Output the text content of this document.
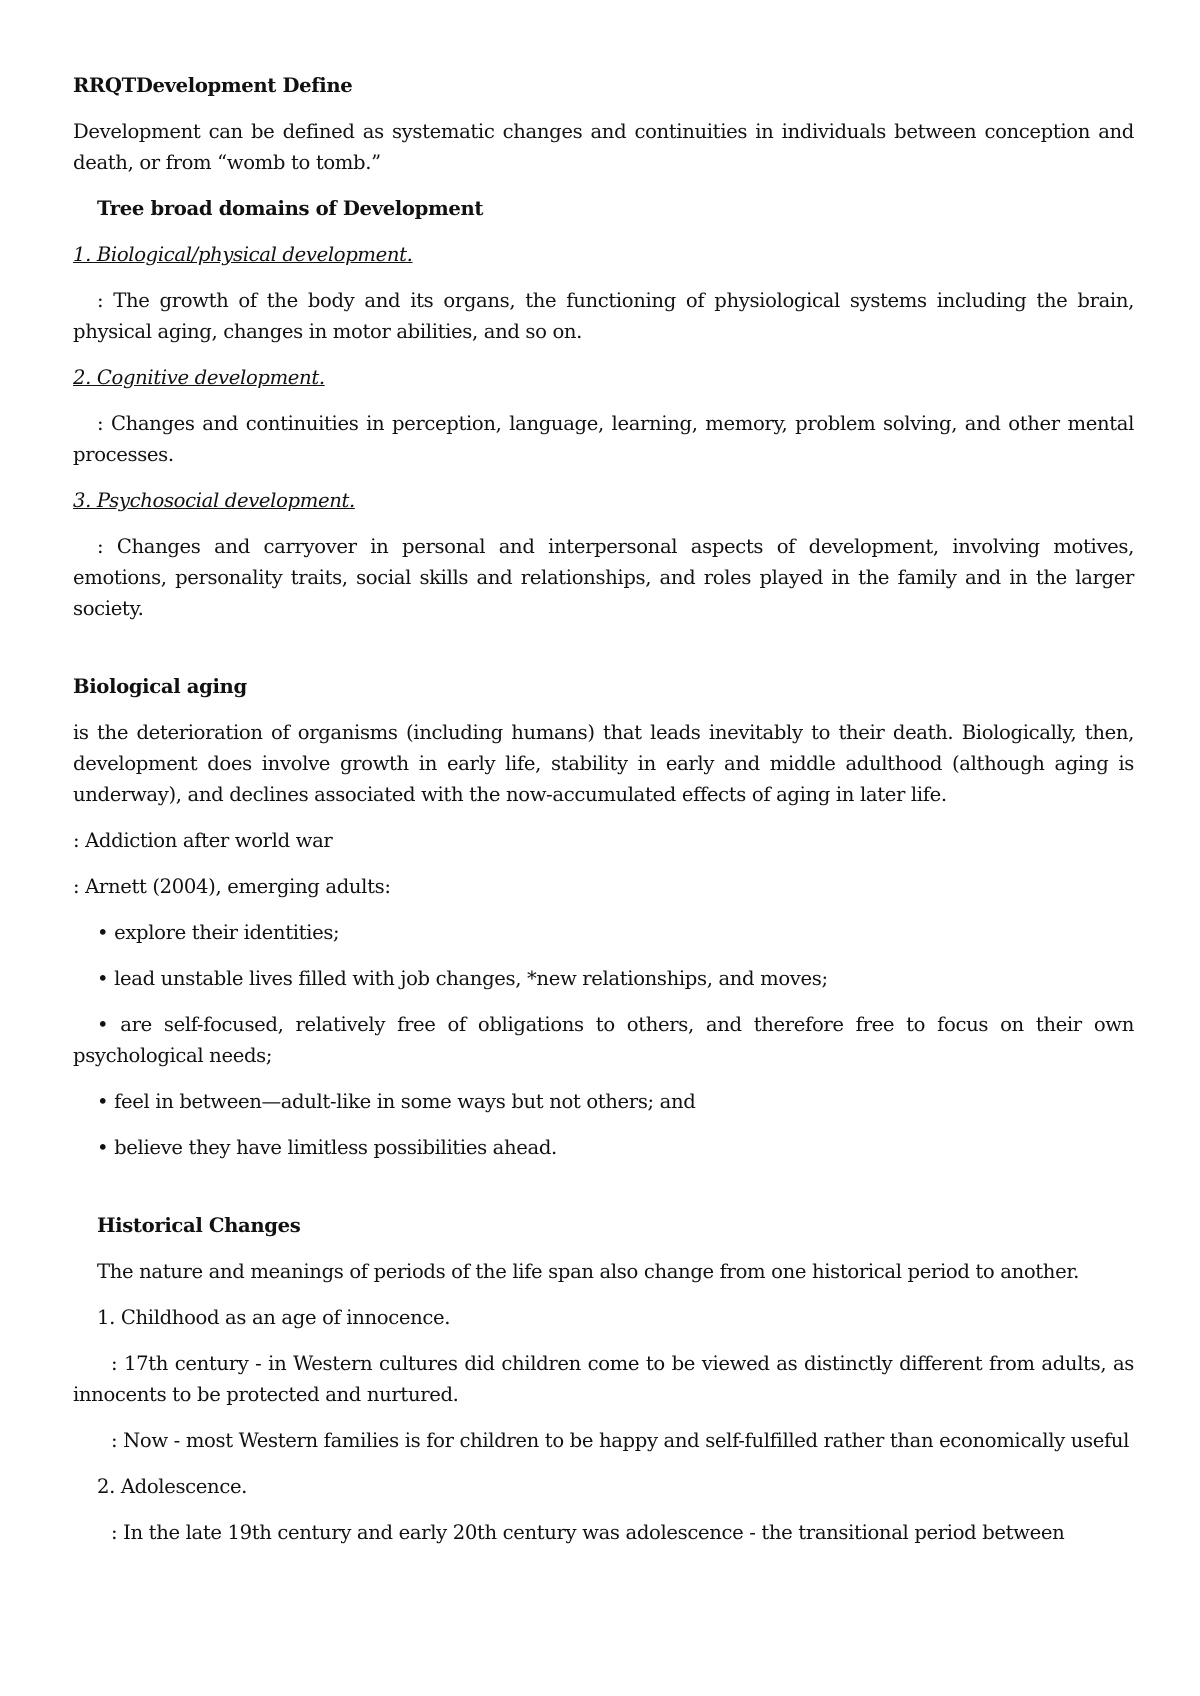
RRQTDevelopment Define

Development can be defined as systematic changes and continuities in individuals between conception and death, or from “womb to tomb.”

Tree broad domains of Development

1. Biological/physical development.

: The growth of the body and its organs, the functioning of physiological systems including the brain, physical aging, changes in motor abilities, and so on.

2. Cognitive development.

: Changes and continuities in perception, language, learning, memory, problem solving, and other mental processes.

3. Psychosocial development.

: Changes and carryover in personal and interpersonal aspects of development, involving motives, emotions, personality traits, social skills and relationships, and roles played in the family and in the larger society.

Biological aging

is the deterioration of organisms (including humans) that leads inevitably to their death. Biologically, then, development does involve growth in early life, stability in early and middle adulthood (although aging is underway), and declines associated with the now-accumulated effects of aging in later life.

: Addiction after world war

: Arnett (2004), emerging adults:

• explore their identities;

• lead unstable lives filled with job changes, *new relationships, and moves;

• are self-focused, relatively free of obligations to others, and therefore free to focus on their own psychological needs;

• feel in between—adult-like in some ways but not others; and

• believe they have limitless possibilities ahead.

Historical Changes

The nature and meanings of periods of the life span also change from one historical period to another.

1. Childhood as an age of innocence.

: 17th century - in Western cultures did children come to be viewed as distinctly different from adults, as innocents to be protected and nurtured.

: Now - most Western families is for children to be happy and self-fulfilled rather than economically useful

2. Adolescence.

: In the late 19th century and early 20th century was adolescence - the transitional period between
